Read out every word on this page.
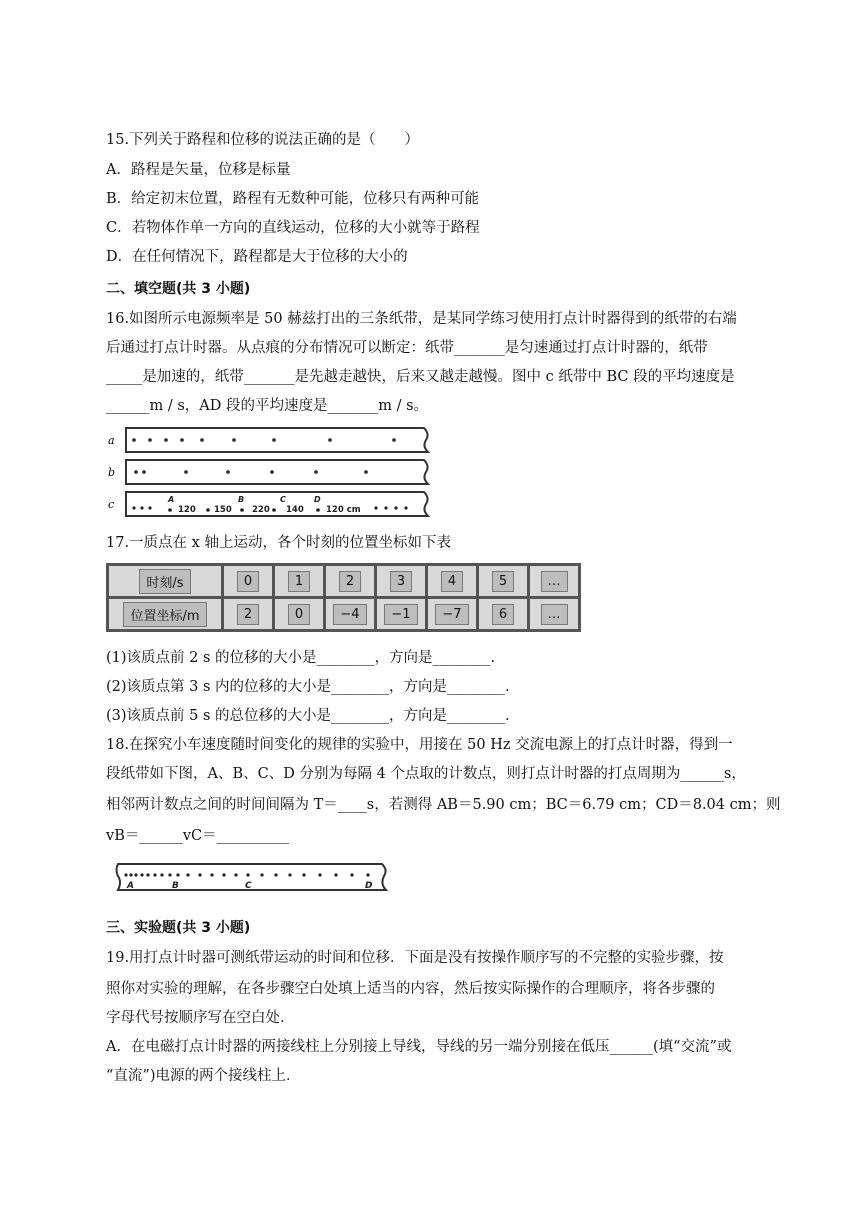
15.下列关于路程和位移的说法正确的是（　　）
A．路程是矢量，位移是标量
B．给定初末位置，路程有无数种可能，位移只有两种可能
C．若物体作单一方向的直线运动，位移的大小就等于路程
D．在任何情况下，路程都是大于位移的大小的
二、填空题(共 3 小题)
16.如图所示电源频率是 50 赫兹打出的三条纸带，是某同学练习使用打点计时器得到的纸带的右端
后通过打点计时器。从点痕的分布情况可以断定：纸带_______是匀速通过打点计时器的，纸带
_____是加速的，纸带_______是先越走越快，后来又越走越慢。图中 c 纸带中 BC 段的平均速度是
______m / s，AD 段的平均速度是_______m / s。
a
b
c	A	B	C	D
120 150 220 140	120 cm
17.一质点在 x 轴上运动，各个时刻的位置坐标如下表
时刻/s	0	1	2	3	4	5	…
位置坐标/m	2	0	−4	−1	−7	6	…
(1)该质点前 2 s 的位移的大小是________，方向是________.
(2)该质点第 3 s 内的位移的大小是________，方向是________.
(3)该质点前 5 s 的总位移的大小是________，方向是________.
18.在探究小车速度随时间变化的规律的实验中，用接在 50 Hz 交流电源上的打点计时器，得到一
段纸带如下图，A、B、C、D 分别为每隔 4 个点取的计数点，则打点计时器的打点周期为______s，
相邻两计数点之间的时间间隔为 T＝____s，若测得 AB＝5.90 cm；BC＝6.79 cm；CD＝8.04 cm；则
vB＝______vC＝__________
A	B	C	D
三、实验题(共 3 小题)
19.用打点计时器可测纸带运动的时间和位移．下面是没有按操作顺序写的不完整的实验步骤，按
照你对实验的理解，在各步骤空白处填上适当的内容，然后按实际操作的合理顺序，将各步骤的
字母代号按顺序写在空白处．
A．在电磁打点计时器的两接线柱上分别接上导线，导线的另一端分别接在低压______(填“交流”或
“直流”)电源的两个接线柱上．
